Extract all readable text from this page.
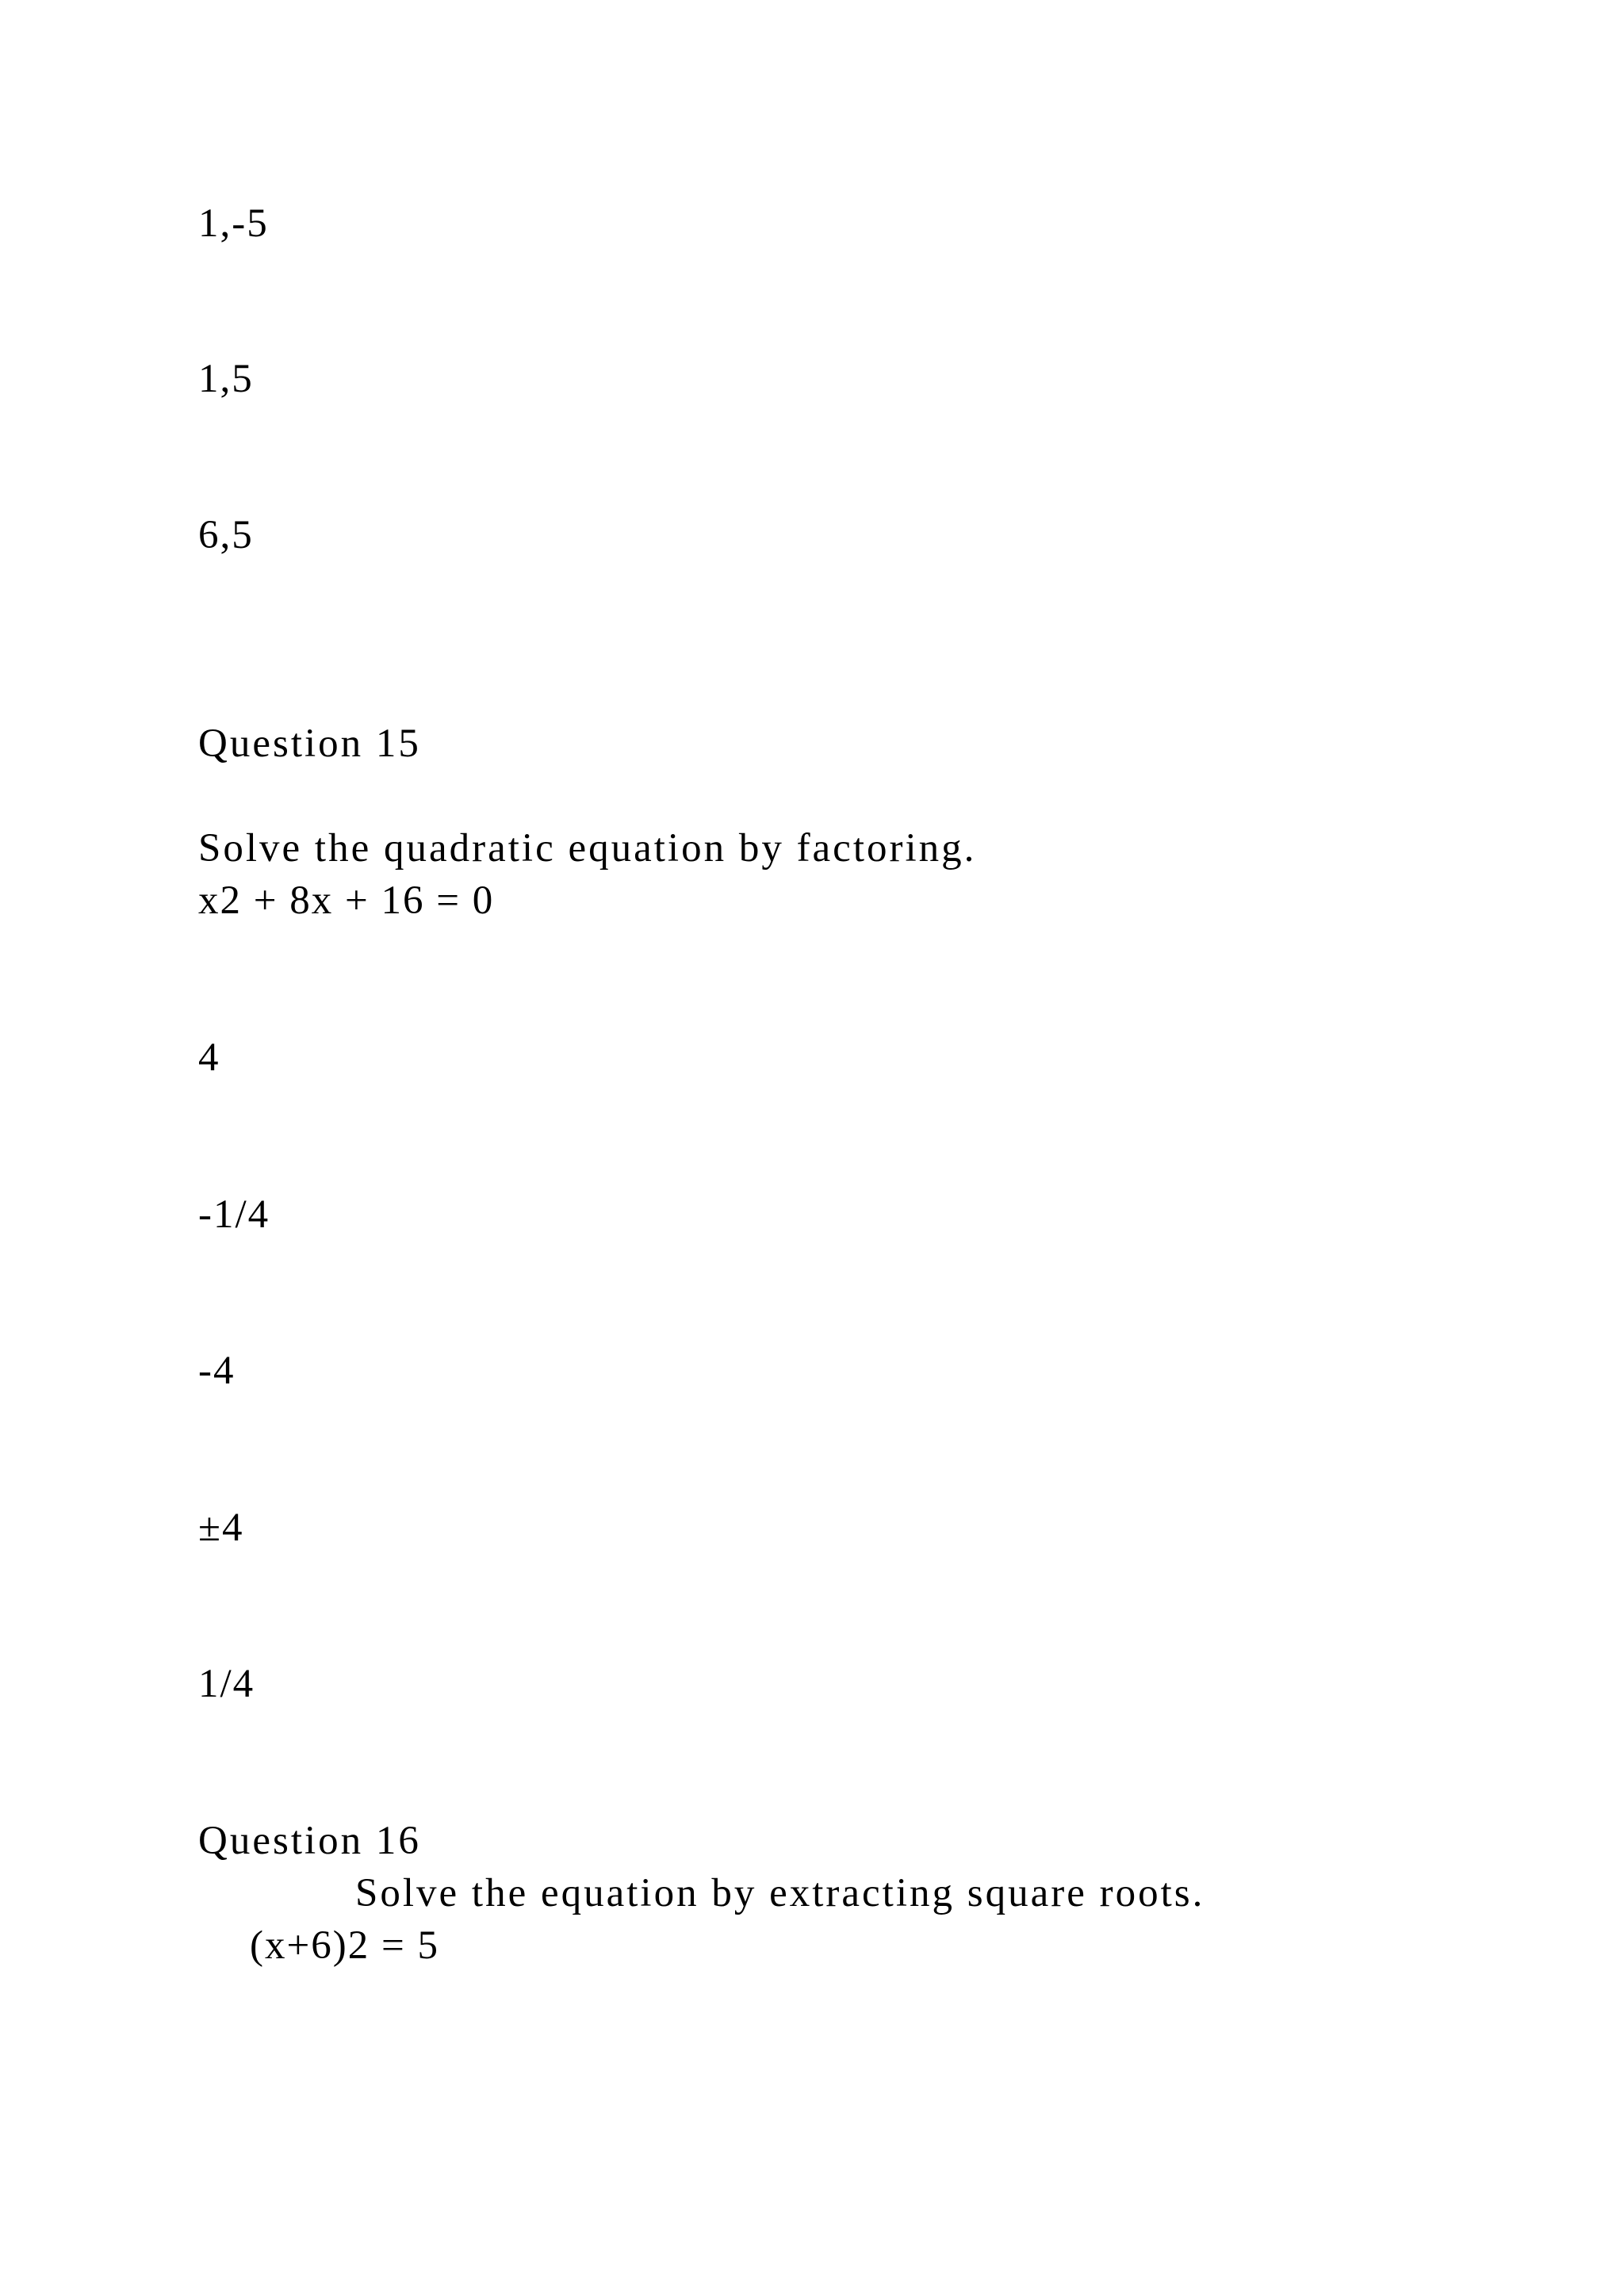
1,-5
1,5
6,5
Question 15
Solve the quadratic equation by factoring.
x2 + 8x + 16 = 0
4
-1/4
-4
±4
1/4
Question 16
Solve the equation by extracting square roots.
(x+6)2 = 5
